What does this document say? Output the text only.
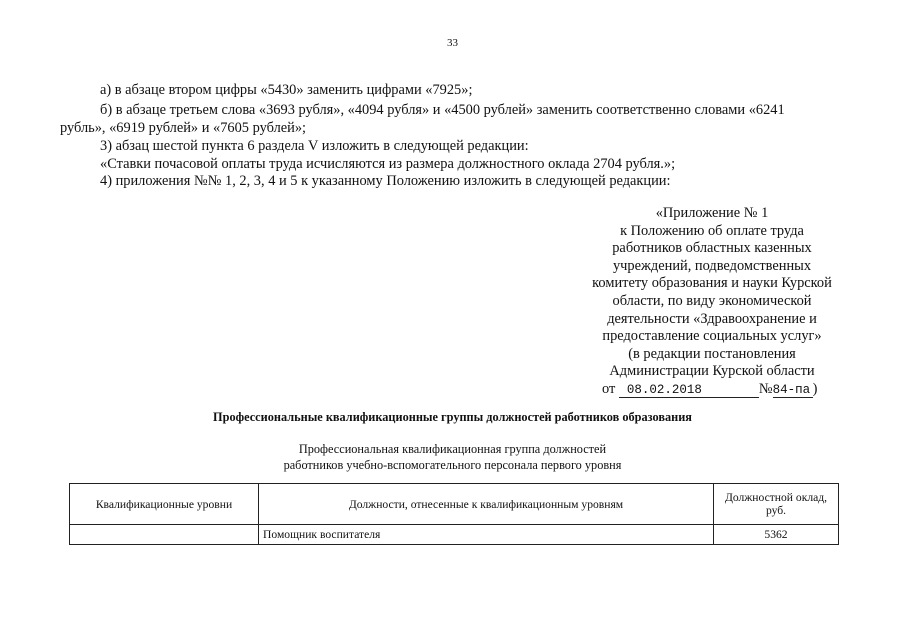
33
а) в абзаце втором цифры «5430» заменить цифрами «7925»;
б) в абзаце третьем слова «3693 рубля», «4094 рубля» и «4500 рублей» заменить соответственно словами «6241
рубль», «6919 рублей» и «7605 рублей»;
3) абзац шестой пункта 6 раздела V изложить в следующей редакции:
«Ставки почасовой оплаты труда исчисляются из размера должностного оклада 2704 рубля.»;
4) приложения №№ 1, 2, 3, 4 и 5 к указанному Положению изложить в следующей редакции:
«Приложение № 1
к Положению об оплате труда
работников областных казенных
учреждений, подведомственных
комитету образования и науки Курской
области, по виду экономической
деятельности «Здравоохранение и
предоставление социальных услуг»
(в редакции постановления
Администрации Курской области
от 08.02.2018	№84-па )
Профессиональные квалификационные группы должностей работников образования
Профессиональная квалификационная группа должностей
работников учебно-вспомогательного персонала первого уровня
Квалификационные уровни	Должности, отнесенные к квалификационным уровням	Должностной оклад, руб.
	Помощник воспитателя	5362
